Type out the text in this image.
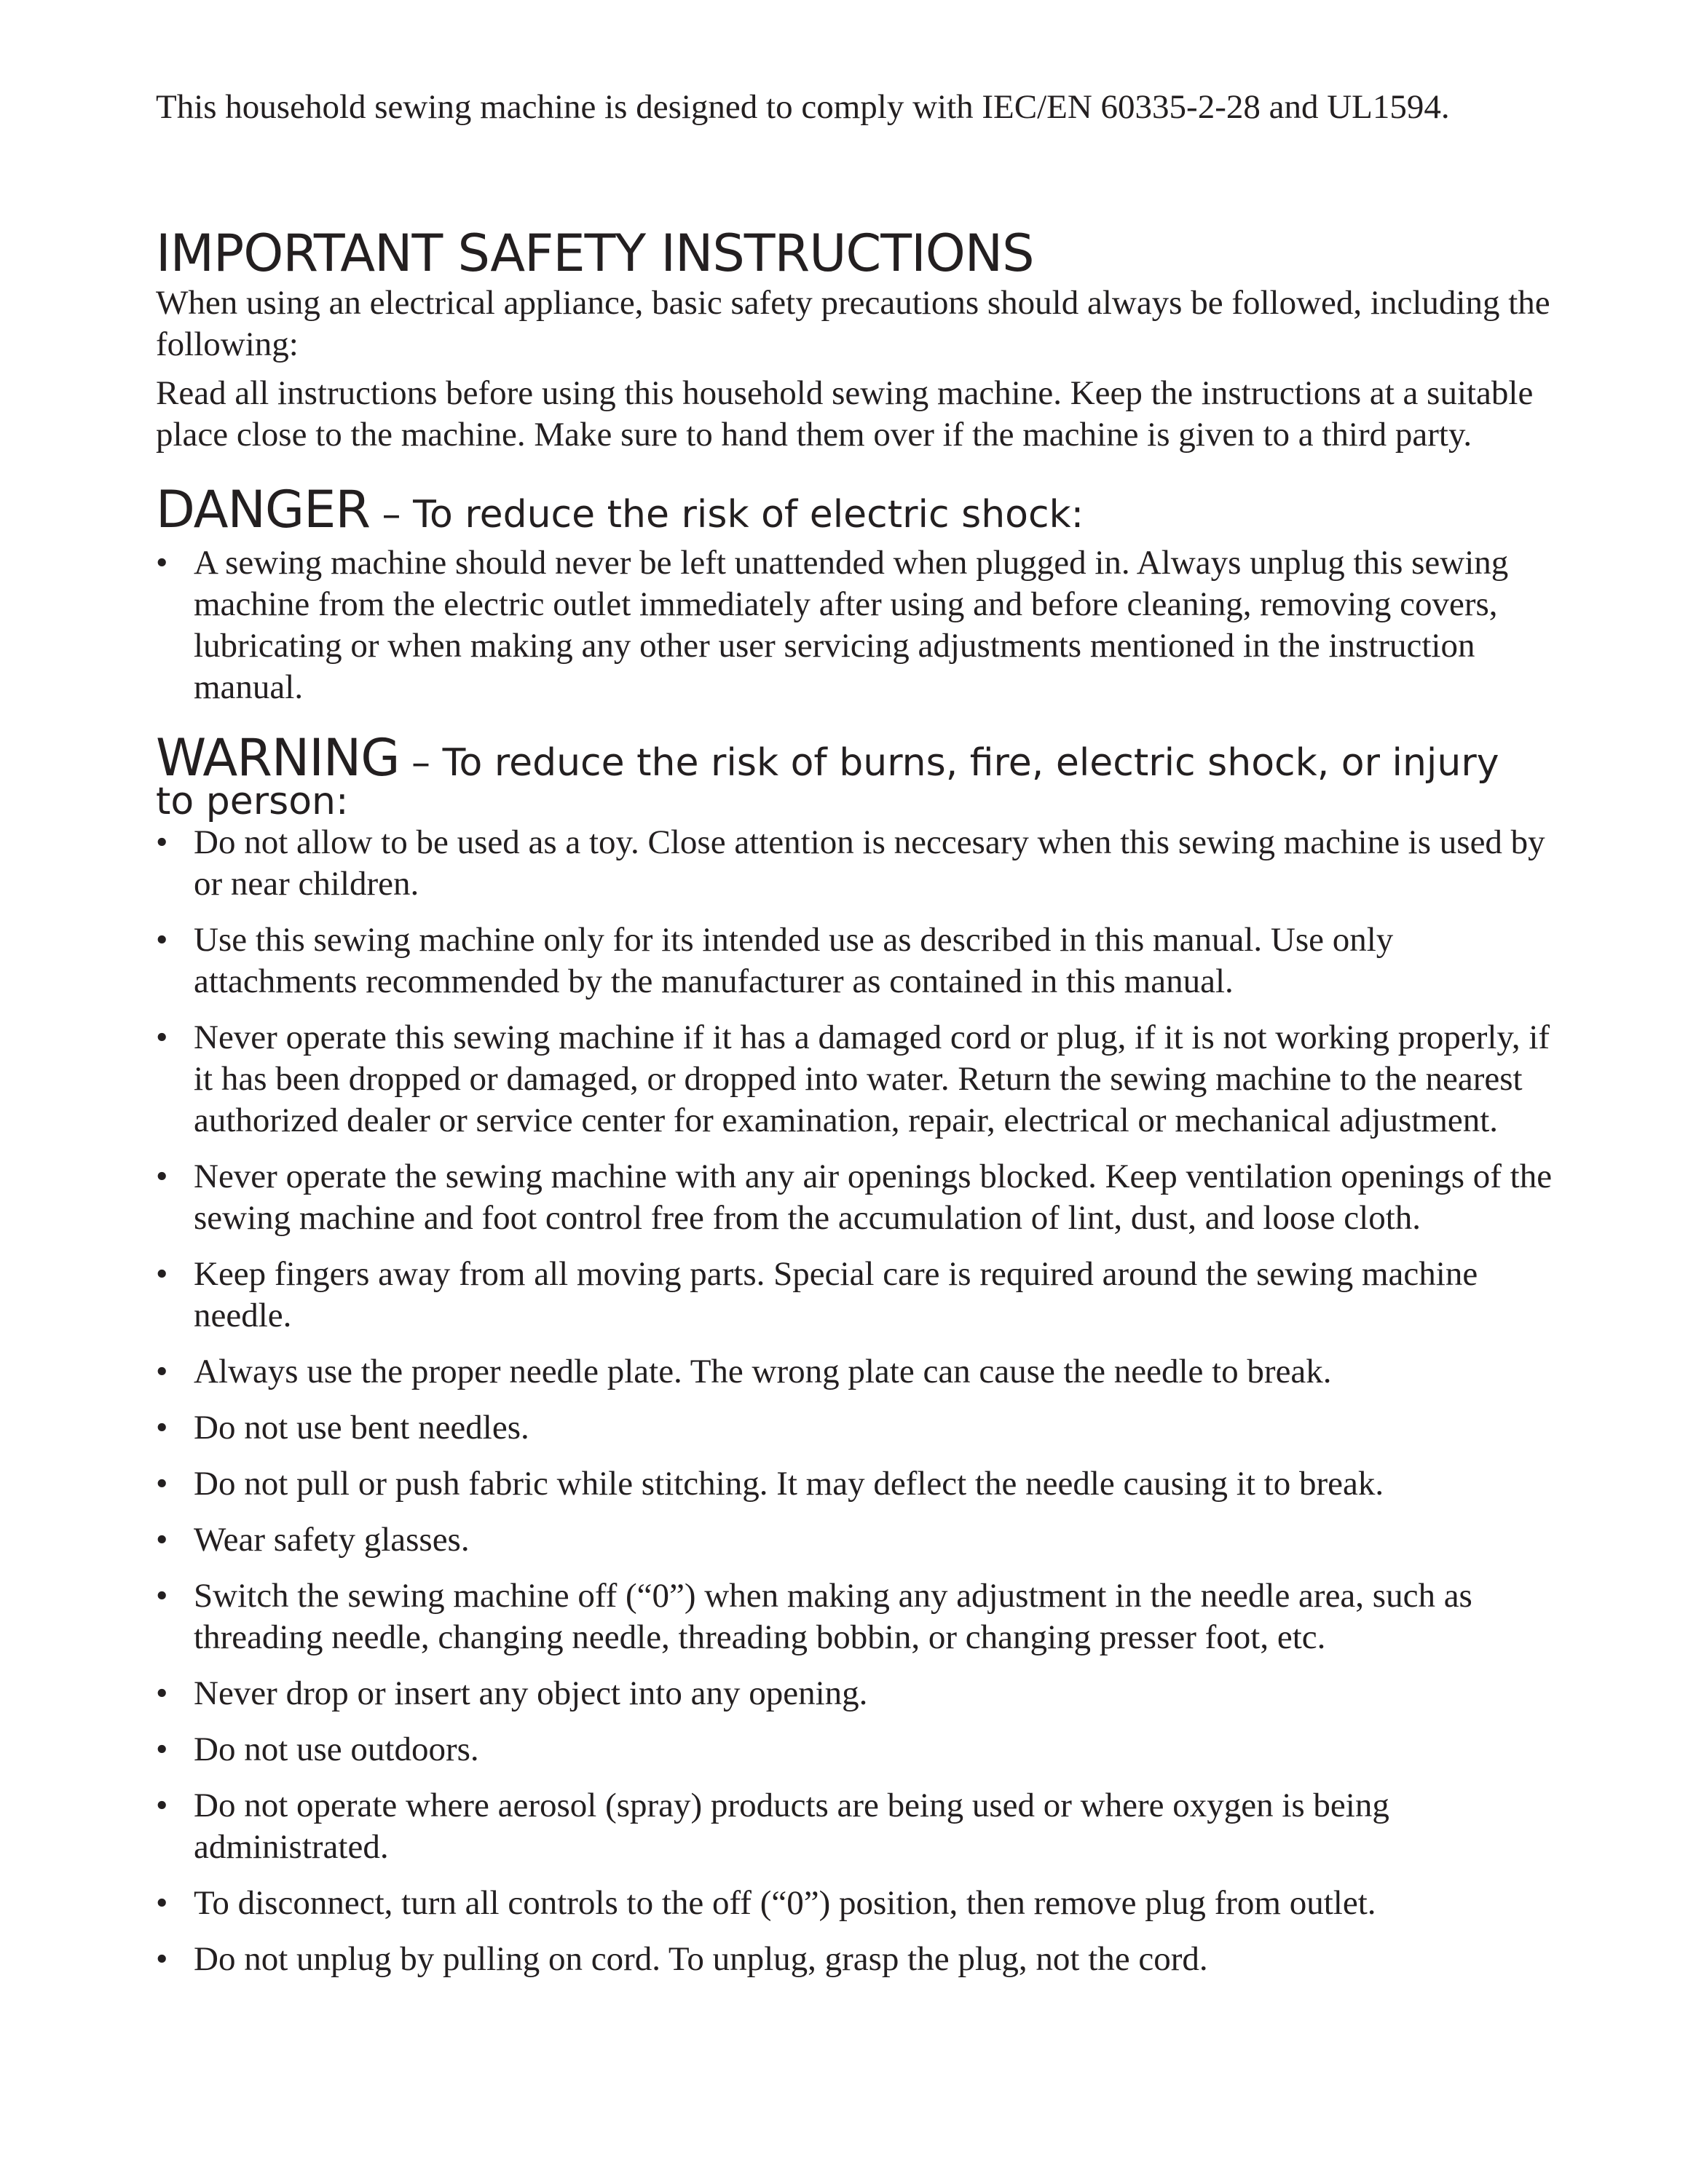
This household sewing machine is designed to comply with IEC/EN 60335-2-28 and UL1594.

IMPORTANT SAFETY INSTRUCTIONS

When using an electrical appliance, basic safety precautions should always be followed, including the following:

Read all instructions before using this household sewing machine. Keep the instructions at a suitable place close to the machine. Make sure to hand them over if the machine is given to a third party.

DANGER – To reduce the risk of electric shock:
• A sewing machine should never be left unattended when plugged in. Always unplug this sewing machine from the electric outlet immediately after using and before cleaning, removing covers, lubricating or when making any other user servicing adjustments mentioned in the instruction manual.
WARNING – To reduce the risk of burns, fire, electric shock, or injury
to person:
• Do not allow to be used as a toy. Close attention is neccesary when this sewing machine is used by or near children.
• Use this sewing machine only for its intended use as described in this manual. Use only attachments recommended by the manufacturer as contained in this manual.
• Never operate this sewing machine if it has a damaged cord or plug, if it is not working properly, if it has been dropped or damaged, or dropped into water. Return the sewing machine to the nearest authorized dealer or service center for examination, repair, electrical or mechanical adjustment.
• Never operate the sewing machine with any air openings blocked. Keep ventilation openings of the sewing machine and foot control free from the accumulation of lint, dust, and loose cloth.
• Keep fingers away from all moving parts. Special care is required around the sewing machine needle.
• Always use the proper needle plate. The wrong plate can cause the needle to break.
• Do not use bent needles.
• Do not pull or push fabric while stitching. It may deflect the needle causing it to break.
• Wear safety glasses.
• Switch the sewing machine off (“0”) when making any adjustment in the needle area, such as threading needle, changing needle, threading bobbin, or changing presser foot, etc.
• Never drop or insert any object into any opening.
• Do not use outdoors.
• Do not operate where aerosol (spray) products are being used or where oxygen is being administrated.
• To disconnect, turn all controls to the off (“0”) position, then remove plug from outlet.
• Do not unplug by pulling on cord. To unplug, grasp the plug, not the cord.
